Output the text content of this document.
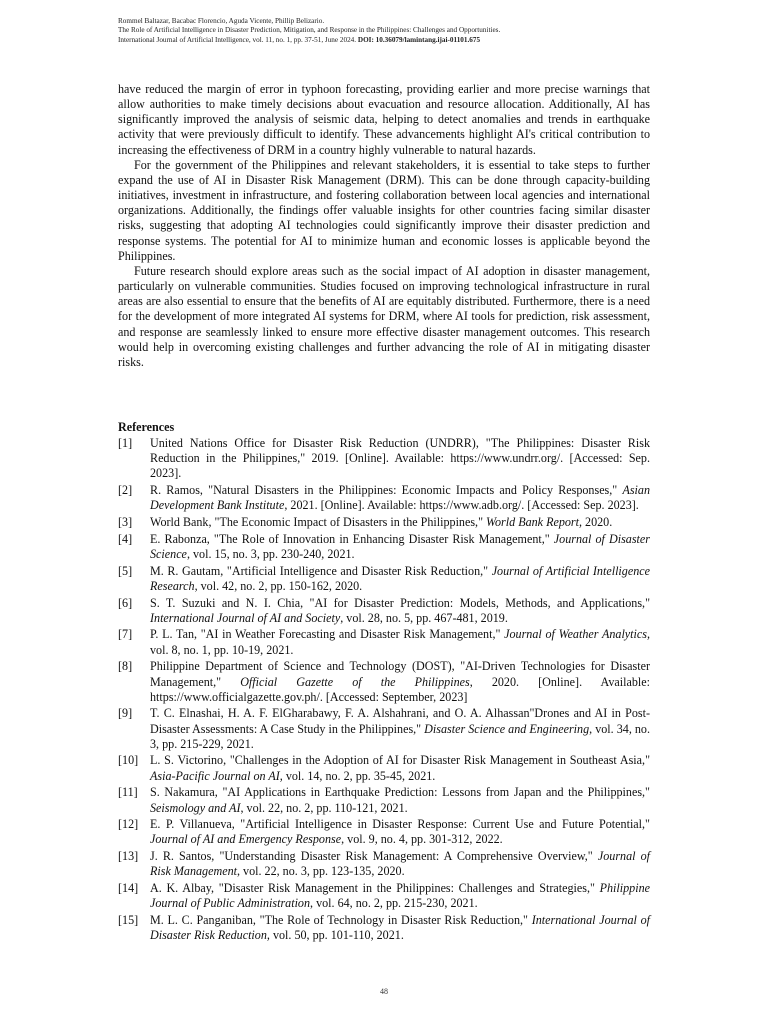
Rommel Baltazar, Bacabac Florencio, Aguda Vicente, Phillip Belizario.
The Role of Artificial Intelligence in Disaster Prediction, Mitigation, and Response in the Philippines: Challenges and Opportunities.
International Journal of Artificial Intelligence, vol. 11, no. 1, pp. 37-51, June 2024. DOI: 10.36079/lamintang.ijai-01101.675

have reduced the margin of error in typhoon forecasting, providing earlier and more precise warnings that allow authorities to make timely decisions about evacuation and resource allocation. Additionally, AI has significantly improved the analysis of seismic data, helping to detect anomalies and trends in earthquake activity that were previously difficult to identify. These advancements highlight AI's critical contribution to increasing the effectiveness of DRM in a country highly vulnerable to natural hazards.

For the government of the Philippines and relevant stakeholders, it is essential to take steps to further expand the use of AI in Disaster Risk Management (DRM). This can be done through capacity-building initiatives, investment in infrastructure, and fostering collaboration between local agencies and international organizations. Additionally, the findings offer valuable insights for other countries facing similar disaster risks, suggesting that adopting AI technologies could significantly improve their disaster prediction and response systems. The potential for AI to minimize human and economic losses is applicable beyond the Philippines.

Future research should explore areas such as the social impact of AI adoption in disaster management, particularly on vulnerable communities. Studies focused on improving technological infrastructure in rural areas are also essential to ensure that the benefits of AI are equitably distributed. Furthermore, there is a need for the development of more integrated AI systems for DRM, where AI tools for prediction, risk assessment, and response are seamlessly linked to ensure more effective disaster management outcomes. This research would help in overcoming existing challenges and further advancing the role of AI in mitigating disaster risks.

References
[1]	United Nations Office for Disaster Risk Reduction (UNDRR), "The Philippines: Disaster Risk Reduction in the Philippines," 2019. [Online]. Available: https://www.undrr.org/. [Accessed: Sep. 2023].
[2]	R. Ramos, "Natural Disasters in the Philippines: Economic Impacts and Policy Responses," Asian Development Bank Institute, 2021. [Online]. Available: https://www.adb.org/. [Accessed: Sep. 2023].
[3]	World Bank, "The Economic Impact of Disasters in the Philippines," World Bank Report, 2020.
[4]	E. Rabonza, "The Role of Innovation in Enhancing Disaster Risk Management," Journal of Disaster Science, vol. 15, no. 3, pp. 230-240, 2021.
[5]	M. R. Gautam, "Artificial Intelligence and Disaster Risk Reduction," Journal of Artificial Intelligence Research, vol. 42, no. 2, pp. 150-162, 2020.
[6]	S. T. Suzuki and N. I. Chia, "AI for Disaster Prediction: Models, Methods, and Applications," International Journal of AI and Society, vol. 28, no. 5, pp. 467-481, 2019.
[7]	P. L. Tan, "AI in Weather Forecasting and Disaster Risk Management," Journal of Weather Analytics, vol. 8, no. 1, pp. 10-19, 2021.
[8]	Philippine Department of Science and Technology (DOST), "AI-Driven Technologies for Disaster Management," Official Gazette of the Philippines, 2020. [Online]. Available: https://www.officialgazette.gov.ph/. [Accessed: September, 2023]
[9]	T. C. Elnashai, H. A. F. ElGharabawy, F. A. Alshahrani, and O. A. Alhassan"Drones and AI in Post-Disaster Assessments: A Case Study in the Philippines," Disaster Science and Engineering, vol. 34, no. 3, pp. 215-229, 2021.
[10] L. S. Victorino, "Challenges in the Adoption of AI for Disaster Risk Management in Southeast Asia," Asia-Pacific Journal on AI, vol. 14, no. 2, pp. 35-45, 2021.
[11]	S. Nakamura, "AI Applications in Earthquake Prediction: Lessons from Japan and the Philippines," Seismology and AI, vol. 22, no. 2, pp. 110-121, 2021.
[12] E. P. Villanueva, "Artificial Intelligence in Disaster Response: Current Use and Future Potential," Journal of AI and Emergency Response, vol. 9, no. 4, pp. 301-312, 2022.
[13] J. R. Santos, "Understanding Disaster Risk Management: A Comprehensive Overview," Journal of Risk Management, vol. 22, no. 3, pp. 123-135, 2020.
[14] A. K. Albay, "Disaster Risk Management in the Philippines: Challenges and Strategies," Philippine Journal of Public Administration, vol. 64, no. 2, pp. 215-230, 2021.
[15] M. L. C. Panganiban, "The Role of Technology in Disaster Risk Reduction," International Journal of Disaster Risk Reduction, vol. 50, pp. 101-110, 2021.
48
